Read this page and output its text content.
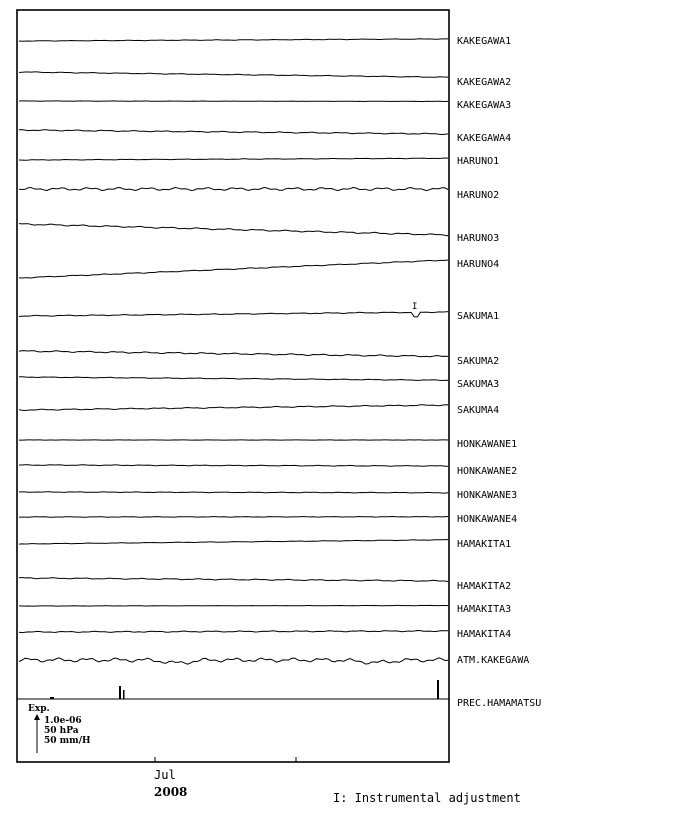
KAKEGAWA1
KAKEGAWA2
KAKEGAWA3
KAKEGAWA4
HARUNO1
HARUNO2
HARUNO3
HARUNO4
SAKUMA1
SAKUMA2
SAKUMA3
SAKUMA4
HONKAWANE1
HONKAWANE2
HONKAWANE3
HONKAWANE4
HAMAKITA1
HAMAKITA2
HAMAKITA3
HAMAKITA4
ATM.KAKEGAWA
PREC.HAMAMATSU
I
Exp.
1.0e-06
50 hPa
50 mm/H
Jul
2008	I: Instrumental adjustment
